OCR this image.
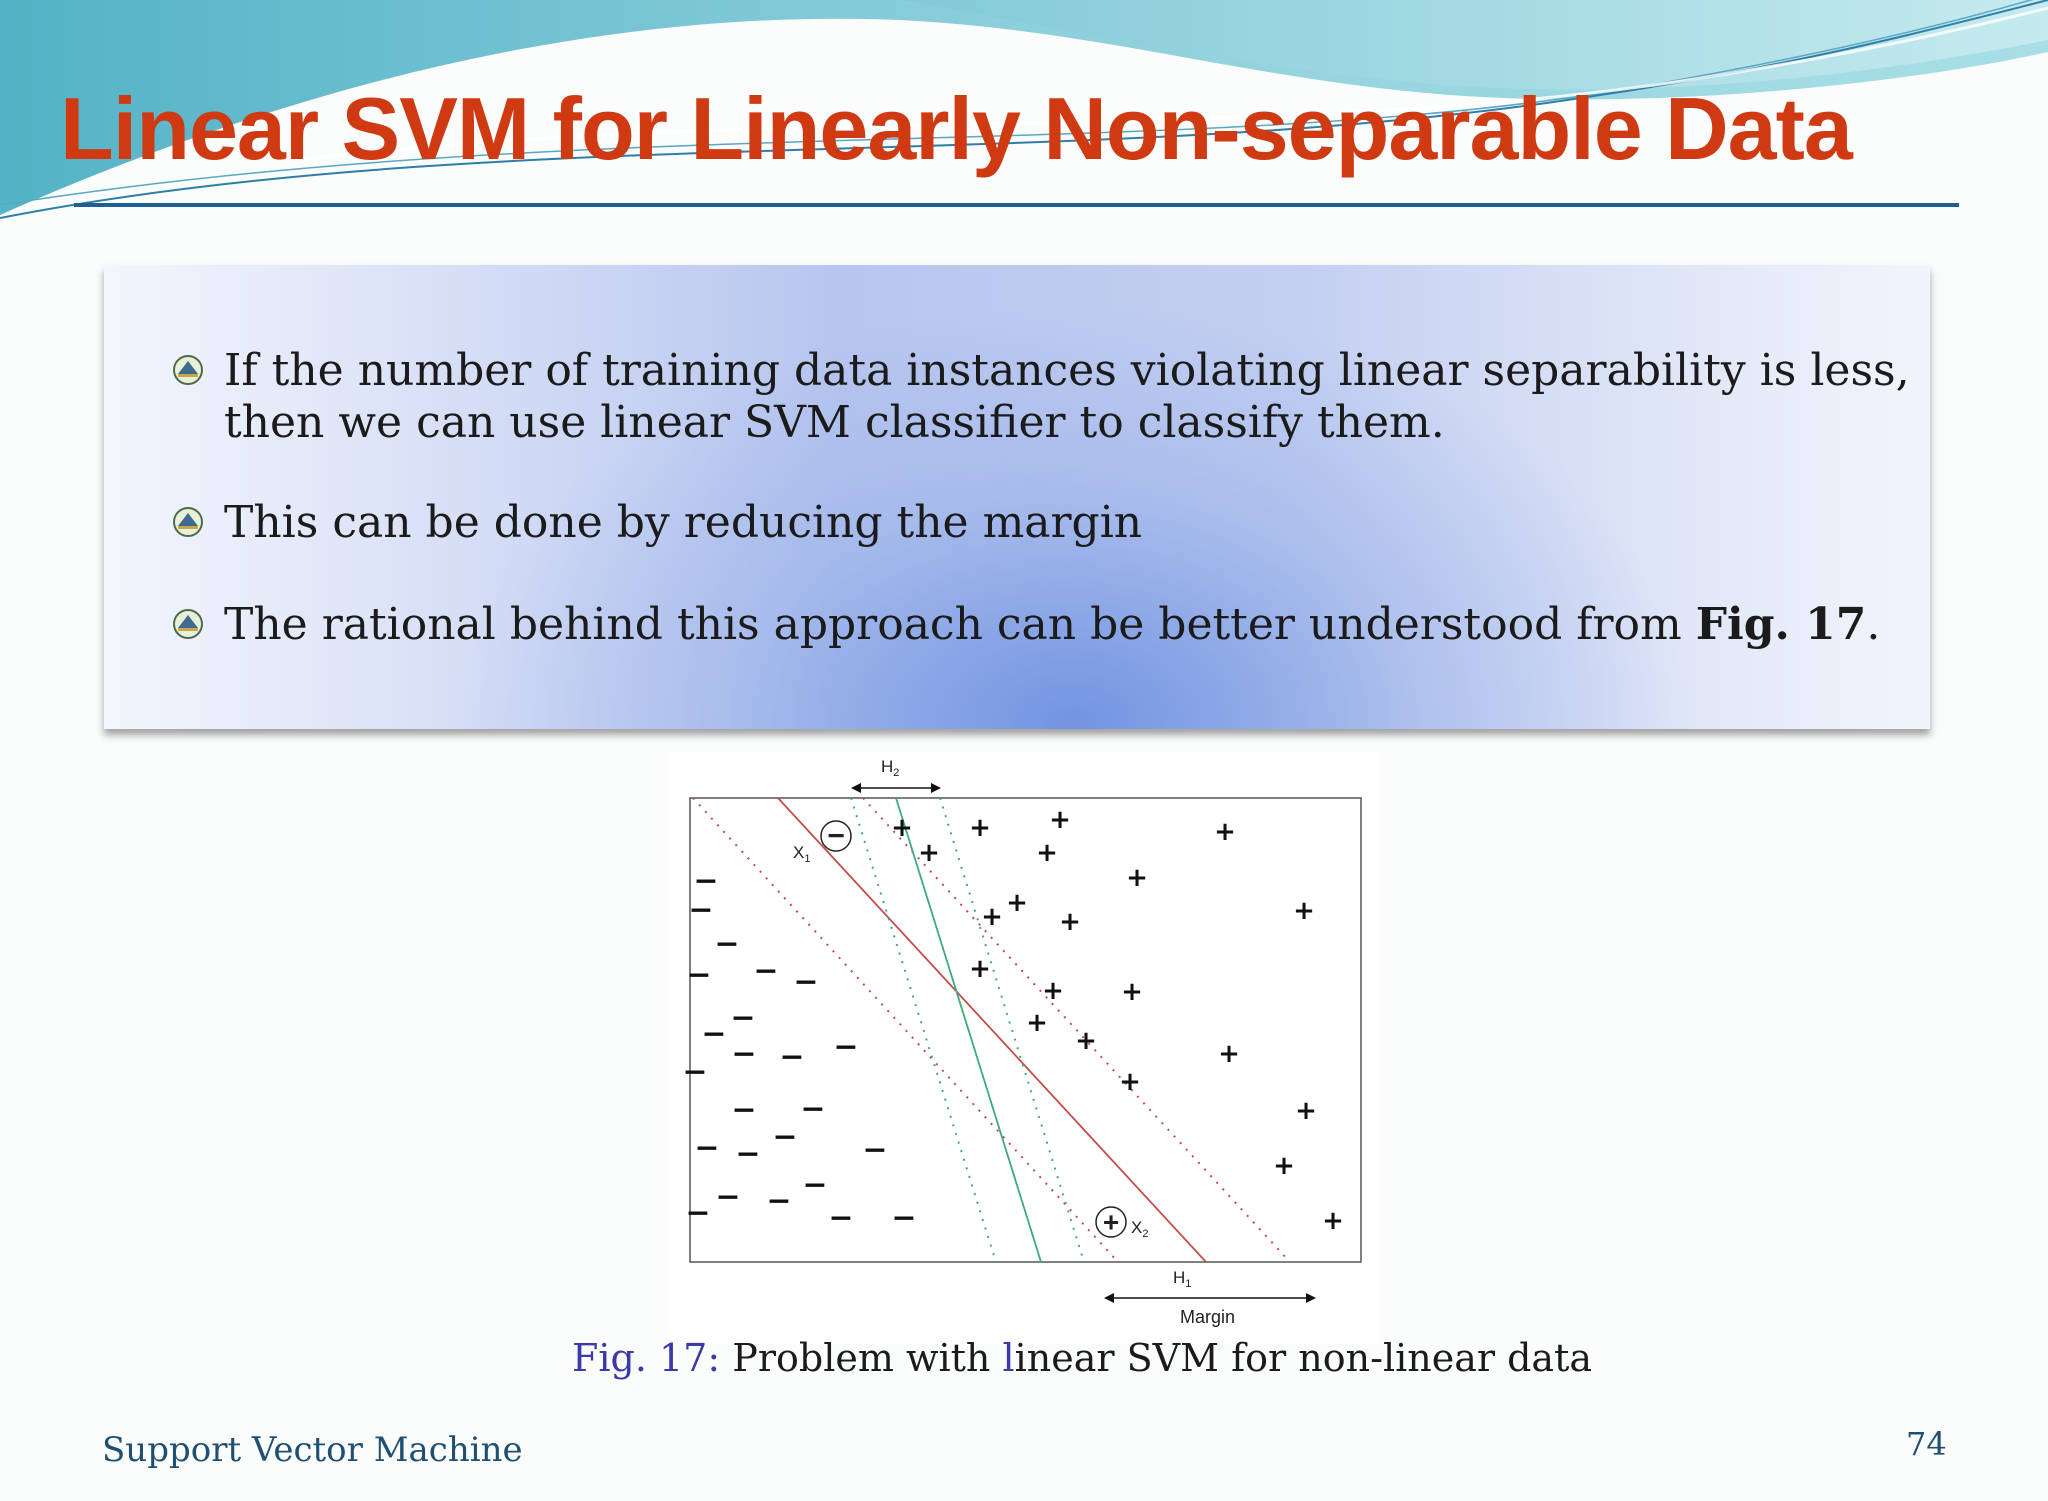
Linear SVM for Linearly Non-separable Data
If the number of training data instances violating linear separability is less, then we can use linear SVM classifier to classify them.
This can be done by reducing the margin
The rational behind this approach can be better understood from Fig. 17.
$H_2$
$H_1$
Margin
−
$X_1$
+ $X_2$
−
−
−
− − −
−
−
− − −
−
− −
− − − −
− − − −
− −
+ + +
+	+
+
+
+ +
+	+
+
+ +
+
+	+
+
+
+
+
Fig. 17: Problem with linear SVM for non-linear data
Support Vector Machine	74
